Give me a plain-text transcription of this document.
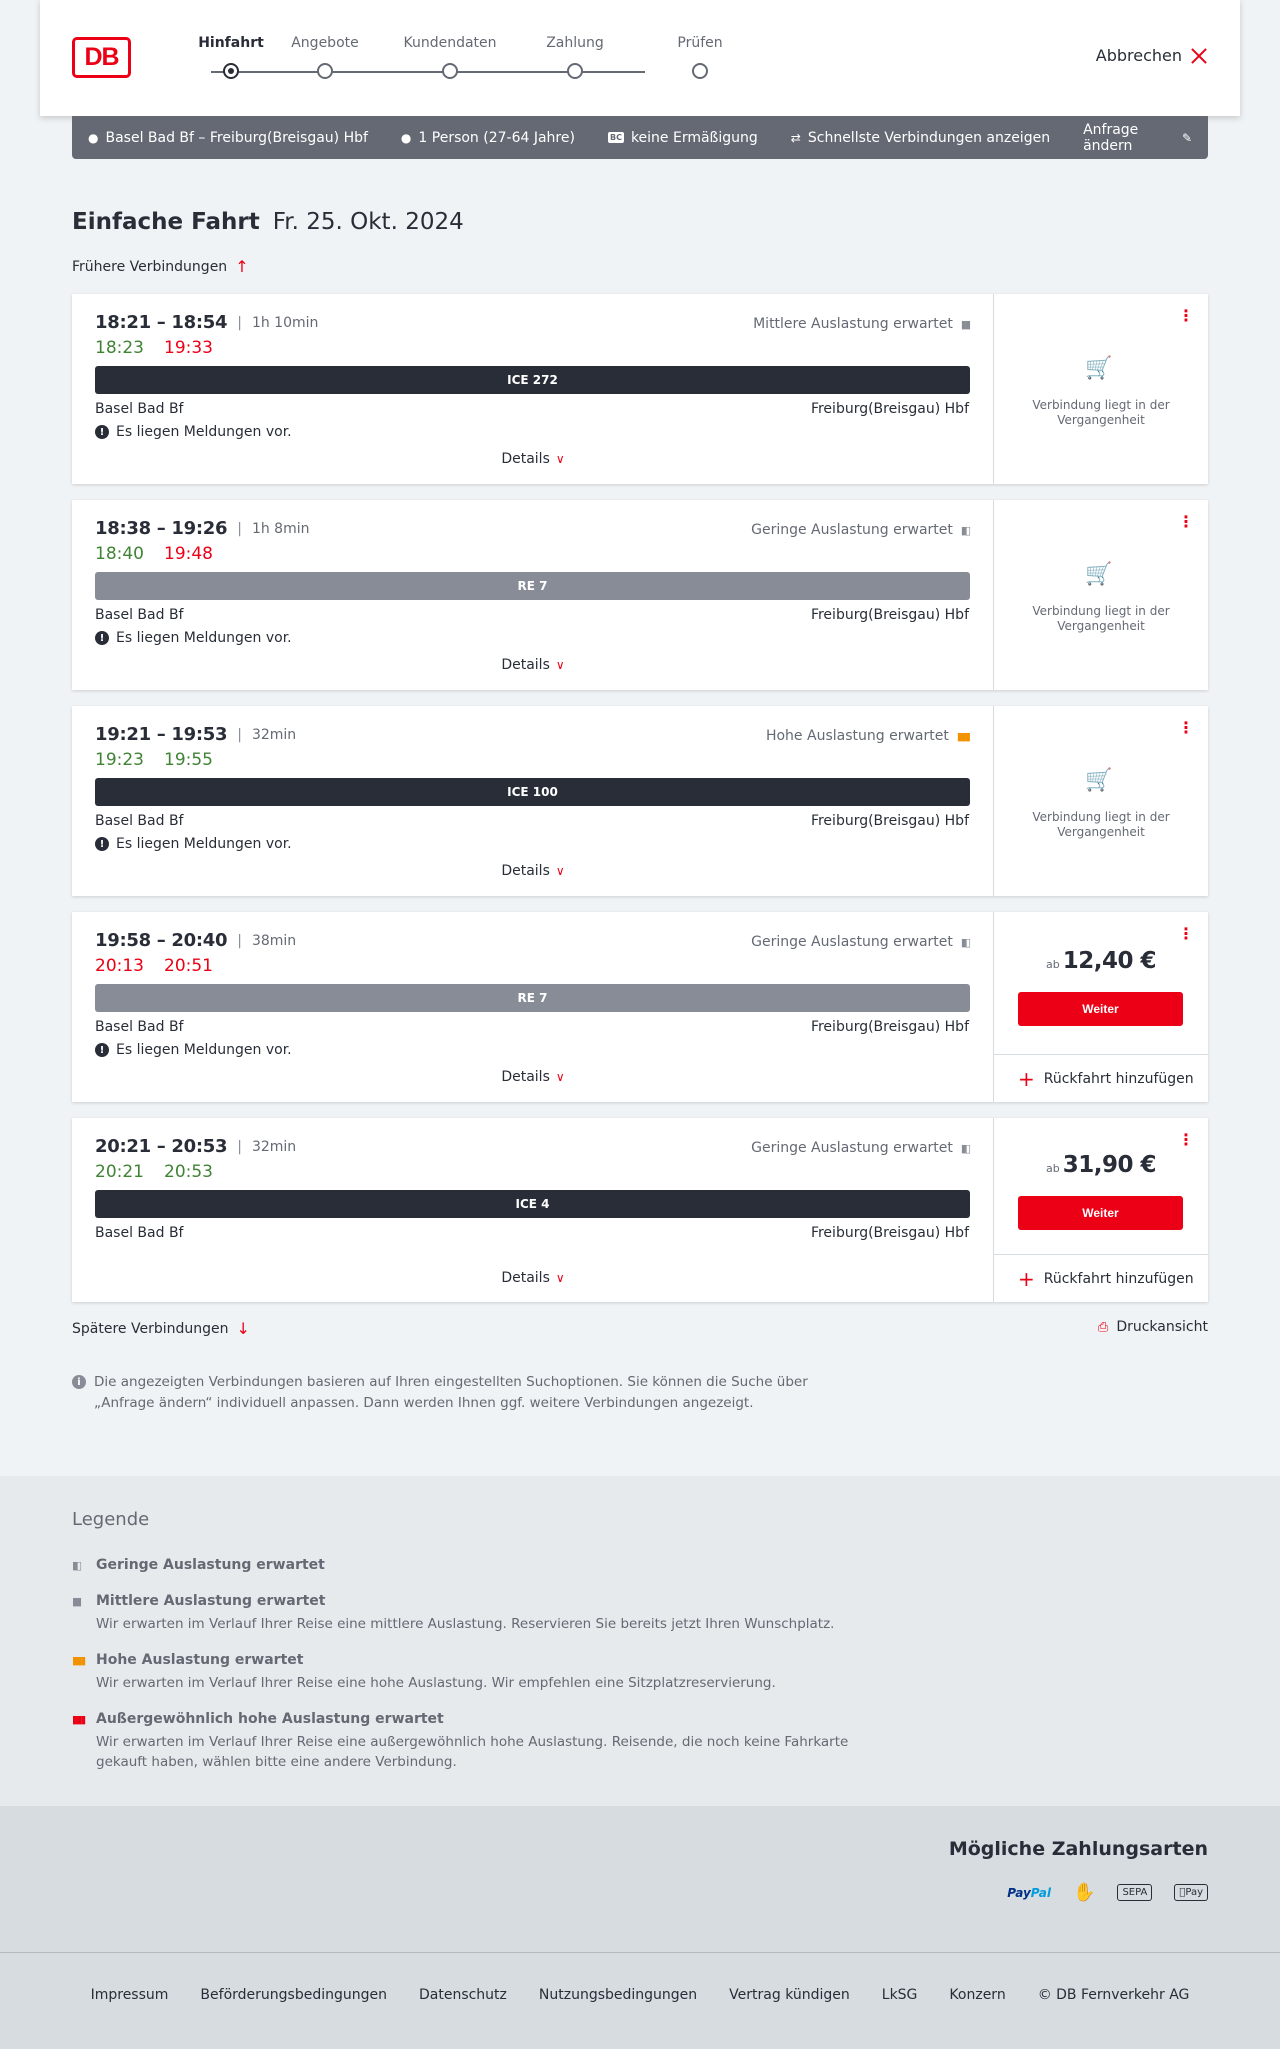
DB	Hinfahrt	Angebote	Kundendaten	Zahlung	Prüfen
Abbrechen
● Basel Bad Bf – Freiburg(Breisgau) Hbf	● 1 Person (27-64 Jahre)	BC keine Ermäßigung	⇄ Schnellste Verbindungen anzeigen Anfrage ändern	✎
Einfache Fahrt Fr. 25. Okt. 2024
Frühere Verbindungen ↑
18:21 – 18:54 | 1h 10min	Mittlere Auslastung erwartet ▮▮
18:23 19:33
ICE 272
Basel Bad Bf	Freiburg(Breisgau) Hbf
! Es liegen Meldungen vor.
Details ∨
⋮
🛒
Verbindung liegt in der Vergangenheit
18:38 – 19:26 | 1h 8min	Geringe Auslastung erwartet ▮▯
18:40 19:48
RE 7
Basel Bad Bf	Freiburg(Breisgau) Hbf
! Es liegen Meldungen vor.
Details ∨
⋮
🛒
Verbindung liegt in der Vergangenheit
19:21 – 19:53 | 32min	Hohe Auslastung erwartet ▮▮▮
19:23 19:55
ICE 100
Basel Bad Bf	Freiburg(Breisgau) Hbf
! Es liegen Meldungen vor.
Details ∨
⋮
🛒
Verbindung liegt in der Vergangenheit
19:58 – 20:40 | 38min	Geringe Auslastung erwartet ▮▯
20:13 20:51
RE 7
Basel Bad Bf	Freiburg(Breisgau) Hbf
! Es liegen Meldungen vor.
Details ∨
⋮
ab 12,40 €
Weiter
+ Rückfahrt hinzufügen
20:21 – 20:53 | 32min	Geringe Auslastung erwartet ▮▯
20:21 20:53
ICE 4
Basel Bad Bf	Freiburg(Breisgau) Hbf
Details ∨
⋮
ab 31,90 €
Weiter
+ Rückfahrt hinzufügen
Spätere Verbindungen ↓	⎙ Druckansicht
i Die angezeigten Verbindungen basieren auf Ihren eingestellten Suchoptionen. Sie können die Suche über „Anfrage ändern“ individuell anpassen. Dann werden Ihnen ggf. weitere Verbindungen angezeigt.
Legende
▮▯	Geringe Auslastung erwartet
▮▮	Mittlere Auslastung erwartet
Wir erwarten im Verlauf Ihrer Reise eine mittlere Auslastung. Reservieren Sie bereits jetzt Ihren Wunschplatz.
▮▮▮ Hohe Auslastung erwartet
Wir erwarten im Verlauf Ihrer Reise eine hohe Auslastung. Wir empfehlen eine Sitzplatzreservierung.
▮▮▮ Außergewöhnlich hohe Auslastung erwartet
Wir erwarten im Verlauf Ihrer Reise eine außergewöhnlich hohe Auslastung. Reisende, die noch keine Fahrkarte gekauft haben, wählen bitte eine andere Verbindung.
Mögliche Zahlungsarten
PayPal	✋	SEPA	Pay
Impressum Beförderungsbedingungen Datenschutz Nutzungsbedingungen Vertrag kündigen LkSG Konzern © DB Fernverkehr AG
